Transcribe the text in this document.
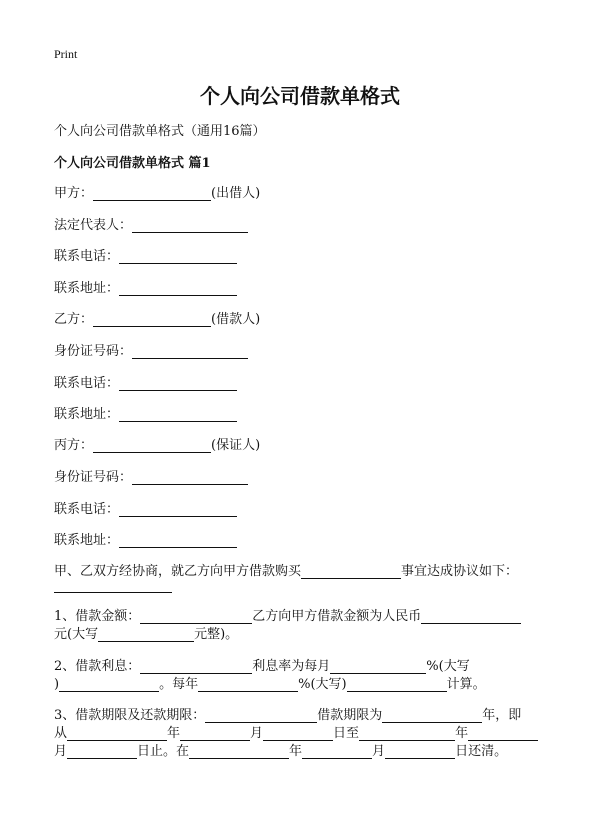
Print
个人向公司借款单格式
个人向公司借款单格式（通用16篇）
个人向公司借款单格式 篇1
甲方：	(出借人)
法定代表人：
联系电话：
联系地址：
乙方：	(借款人)
身份证号码：
联系电话：
联系地址：
丙方：	(保证人)
身份证号码：
联系电话：
联系地址：
甲、乙双方经协商，就乙方向甲方借款购买	事宜达成协议如下：
1、借款金额：	乙方向甲方借款金额为人民币
元(大写	元整)。
2、借款利息：	利息率为每月	%(大写
)	。每年	%(大写)	计算。
3、借款期限及还款期限：	借款期限为	年，即
从	年	月	日至	年
月	日止。在	年	月	日还清。
